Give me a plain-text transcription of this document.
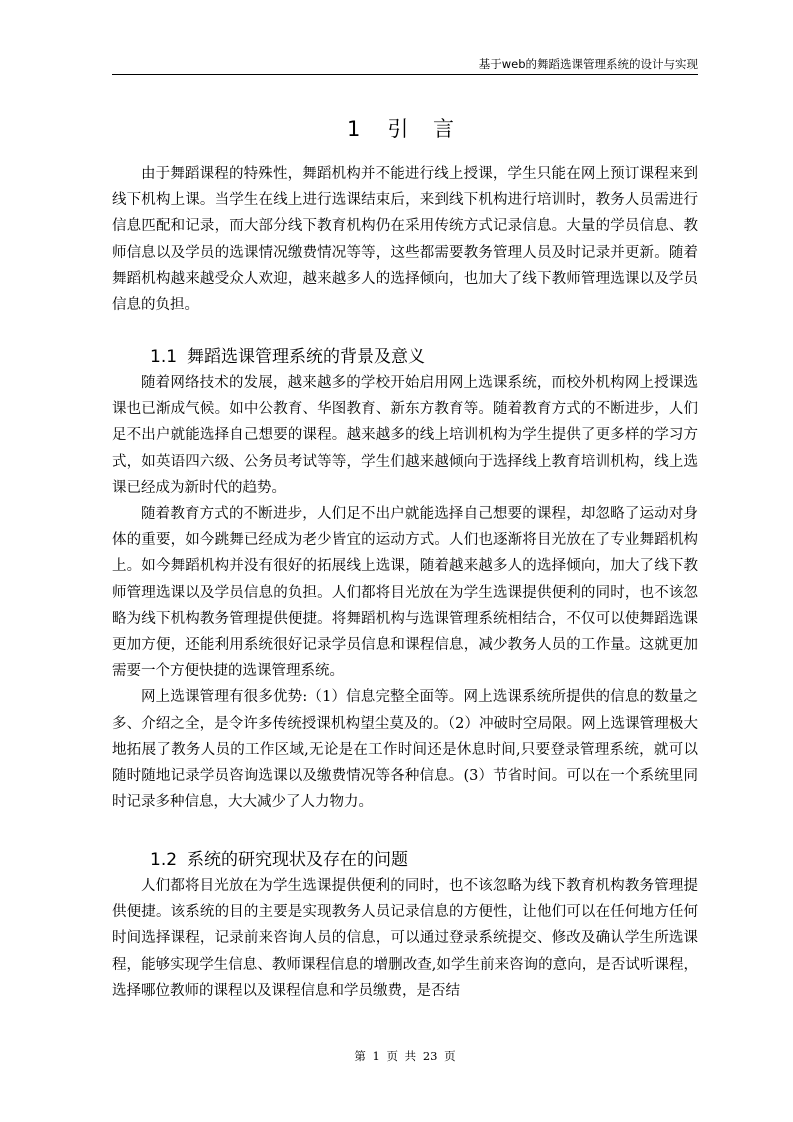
基于web的舞蹈选课管理系统的设计与实现
1 引 言

由于舞蹈课程的特殊性，舞蹈机构并不能进行线上授课，学生只能在网上预订课程来到线下机构上课。当学生在线上进行选课结束后，来到线下机构进行培训时，教务人员需进行信息匹配和记录，而大部分线下教育机构仍在采用传统方式记录信息。大量的学员信息、教师信息以及学员的选课情况缴费情况等等，这些都需要教务管理人员及时记录并更新。随着舞蹈机构越来越受众人欢迎，越来越多人的选择倾向，也加大了线下教师管理选课以及学员信息的负担。

1.1 舞蹈选课管理系统的背景及意义

随着网络技术的发展，越来越多的学校开始启用网上选课系统，而校外机构网上授课选课也已渐成气候。如中公教育、华图教育、新东方教育等。随着教育方式的不断进步，人们足不出户就能选择自己想要的课程。越来越多的线上培训机构为学生提供了更多样的学习方式，如英语四六级、公务员考试等等，学生们越来越倾向于选择线上教育培训机构，线上选课已经成为新时代的趋势。

随着教育方式的不断进步，人们足不出户就能选择自己想要的课程，却忽略了运动对身体的重要，如今跳舞已经成为老少皆宜的运动方式。人们也逐渐将目光放在了专业舞蹈机构上。如今舞蹈机构并没有很好的拓展线上选课，随着越来越多人的选择倾向，加大了线下教师管理选课以及学员信息的负担。人们都将目光放在为学生选课提供便利的同时，也不该忽略为线下机构教务管理提供便捷。将舞蹈机构与选课管理系统相结合，不仅可以使舞蹈选课更加方便，还能利用系统很好记录学员信息和课程信息，减少教务人员的工作量。这就更加需要一个方便快捷的选课管理系统。

网上选课管理有很多优势:（1）信息完整全面等。网上选课系统所提供的信息的数量之多、介绍之全，是令许多传统授课机构望尘莫及的。（2）冲破时空局限。网上选课管理极大地拓展了教务人员的工作区域,无论是在工作时间还是休息时间,只要登录管理系统，就可以随时随地记录学员咨询选课以及缴费情况等各种信息。(3）节省时间。可以在一个系统里同时记录多种信息，大大减少了人力物力。

1.2 系统的研究现状及存在的问题

人们都将目光放在为学生选课提供便利的同时，也不该忽略为线下教育机构教务管理提供便捷。该系统的目的主要是实现教务人员记录信息的方便性，让他们可以在任何地方任何时间选择课程，记录前来咨询人员的信息，可以通过登录系统提交、修改及确认学生所选课程，能够实现学生信息、教师课程信息的增删改查,如学生前来咨询的意向，是否试听课程，选择哪位教师的课程以及课程信息和学员缴费，是否结

第 1 页 共 23 页
